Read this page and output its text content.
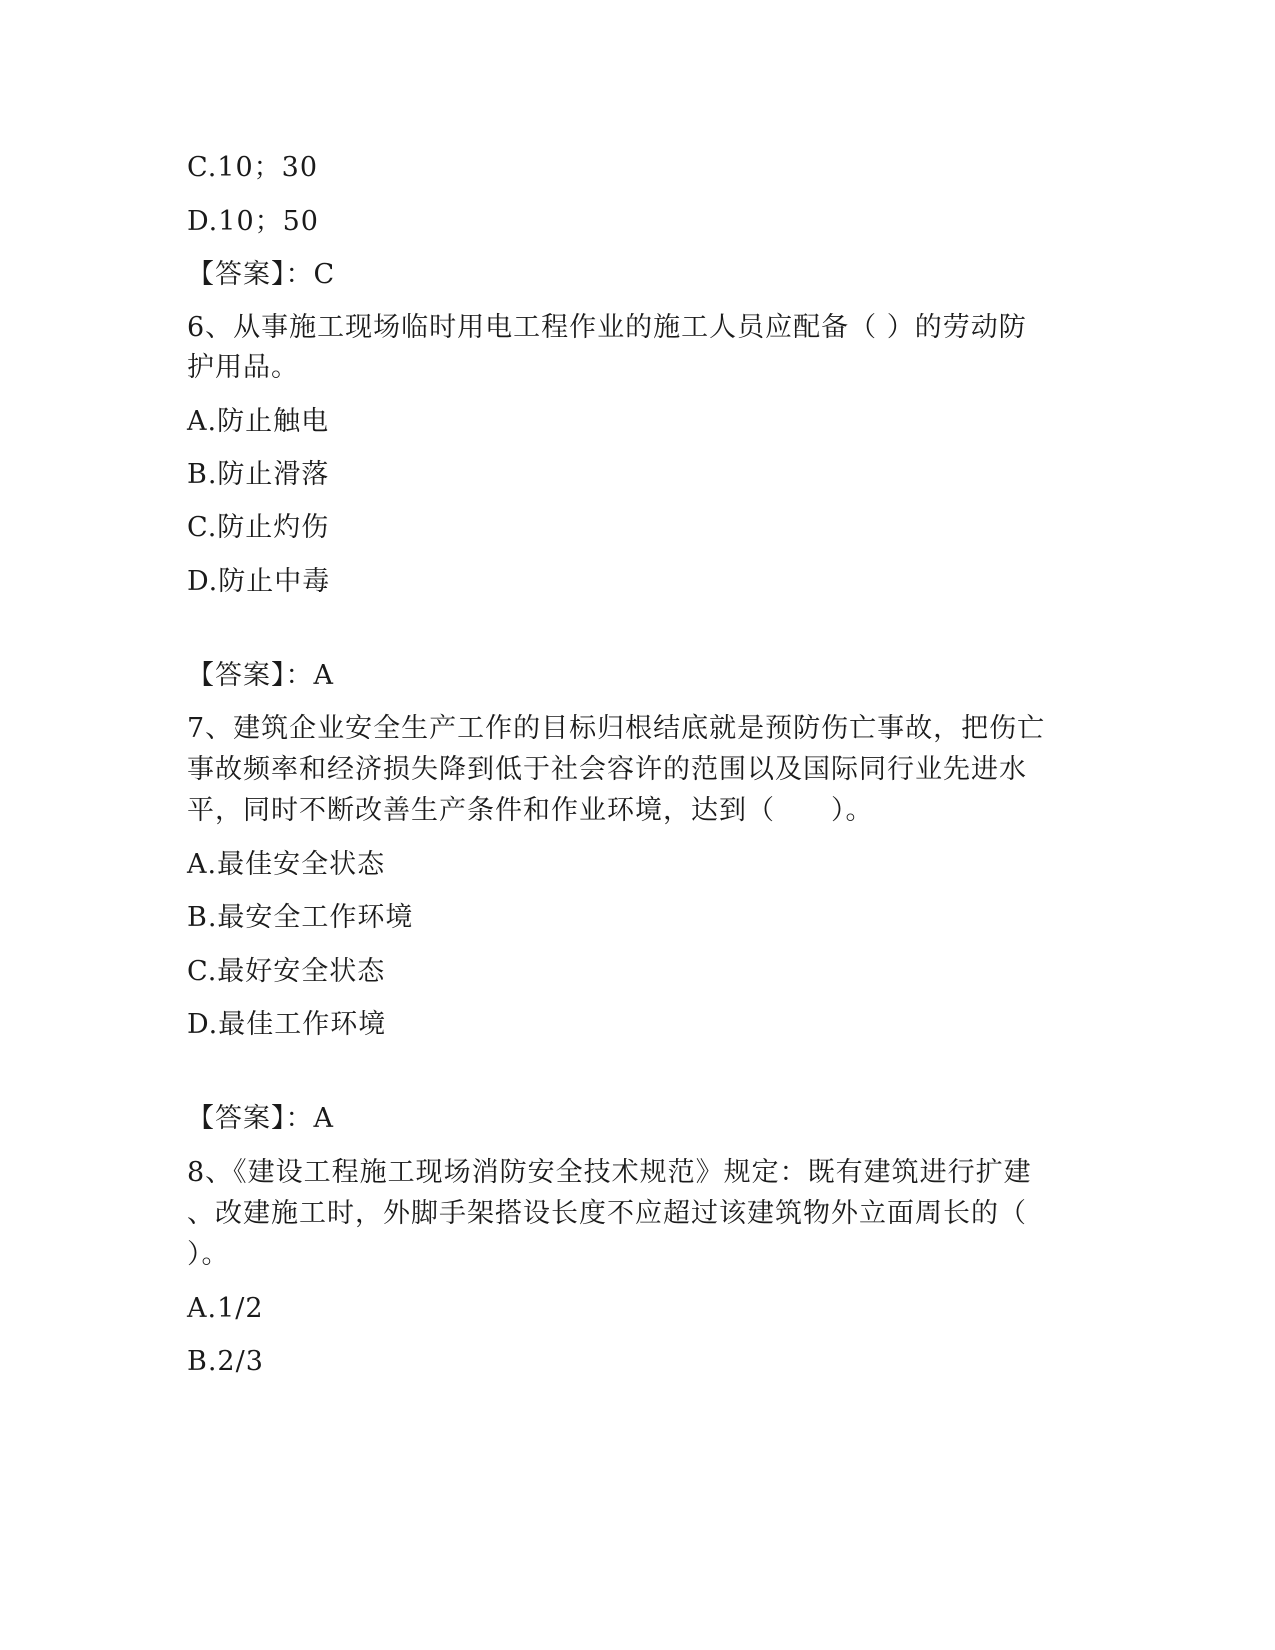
C.10；30
D.10；50
【答案】：C
6、从事施工现场临时用电工程作业的施工人员应配备（ ）的劳动防
护用品。
A.防止触电
B.防止滑落
C.防止灼伤
D.防止中毒
【答案】：A
7、建筑企业安全生产工作的目标归根结底就是预防伤亡事故，把伤亡
事故频率和经济损失降到低于社会容许的范围以及国际同行业先进水
平，同时不断改善生产条件和作业环境，达到（　　）。
A.最佳安全状态
B.最安全工作环境
C.最好安全状态
D.最佳工作环境
【答案】：A
8、《建设工程施工现场消防安全技术规范》规定：既有建筑进行扩建
、改建施工时，外脚手架搭设长度不应超过该建筑物外立面周长的（
）。
A.1/2
B.2/3
